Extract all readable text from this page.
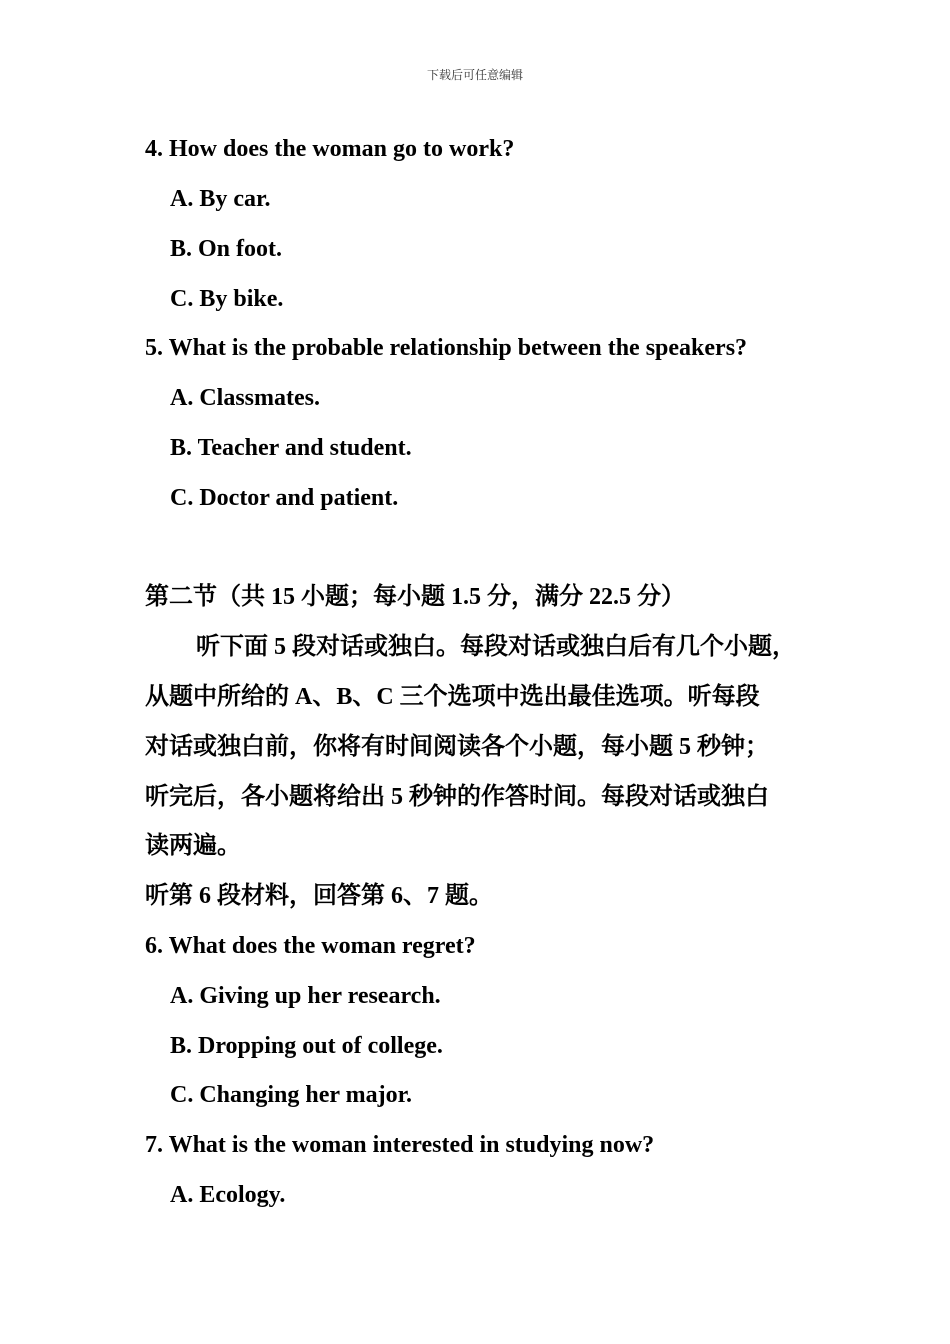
下载后可任意编辑
4. How does the woman go to work?
A. By car.
B. On foot.
C. By bike.
5. What is the probable relationship between the speakers?
A. Classmates.
B. Teacher and student.
C. Doctor and patient.
第二节（共 15 小题；每小题 1.5 分，满分 22.5 分）
听下面 5 段对话或独白。每段对话或独白后有几个小题，
从题中所给的 A、B、C 三个选项中选出最佳选项。听每段
对话或独白前，你将有时间阅读各个小题，每小题 5 秒钟；
听完后，各小题将给出 5 秒钟的作答时间。每段对话或独白
读两遍。
听第 6 段材料，回答第 6、7 题。
6. What does the woman regret?
A. Giving up her research.
B. Dropping out of college.
C. Changing her major.
7. What is the woman interested in studying now?
A. Ecology.
